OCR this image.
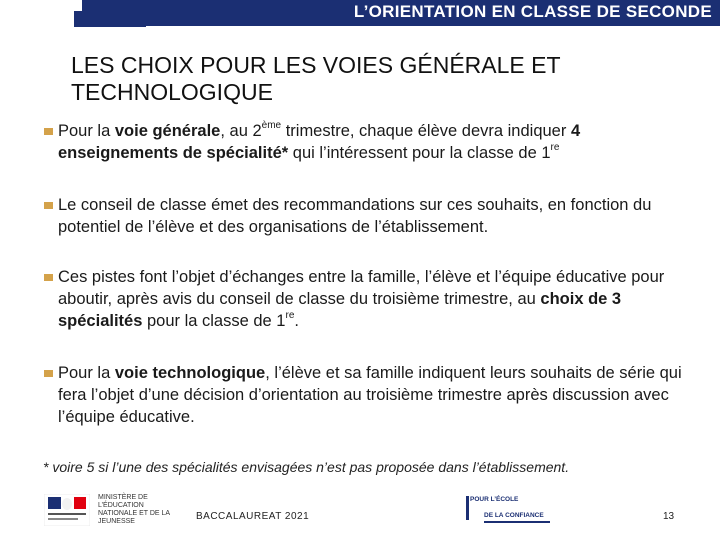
L’ORIENTATION EN CLASSE DE SECONDE
LES CHOIX POUR LES VOIES GÉNÉRALE ET
TECHNOLOGIQUE
Pour la voie générale, au 2ème trimestre, chaque élève devra indiquer 4 enseignements de spécialité* qui l’intéressent pour la classe de 1re
Le conseil de classe émet des recommandations sur ces souhaits, en fonction du potentiel de l’élève et des organisations de l’établissement.
Ces pistes font l’objet d’échanges entre la famille, l’élève et l’équipe éducative pour aboutir, après avis du conseil de classe du troisième trimestre, au choix de 3 spécialités pour la classe de 1re.
Pour la voie technologique, l’élève et sa famille indiquent leurs souhaits de série qui fera l’objet d’une décision d’orientation au troisième trimestre après discussion avec l’équipe éducative.
* voire 5 si l’une des spécialités envisagées n’est pas proposée dans l’établissement.
MINISTÈRE DE L’ÉDUCATION NATIONALE ET DE LA JEUNESSE	BACCALAUREAT 2021
POUR L’ÉCOLE
DE LA CONFIANCE	13
